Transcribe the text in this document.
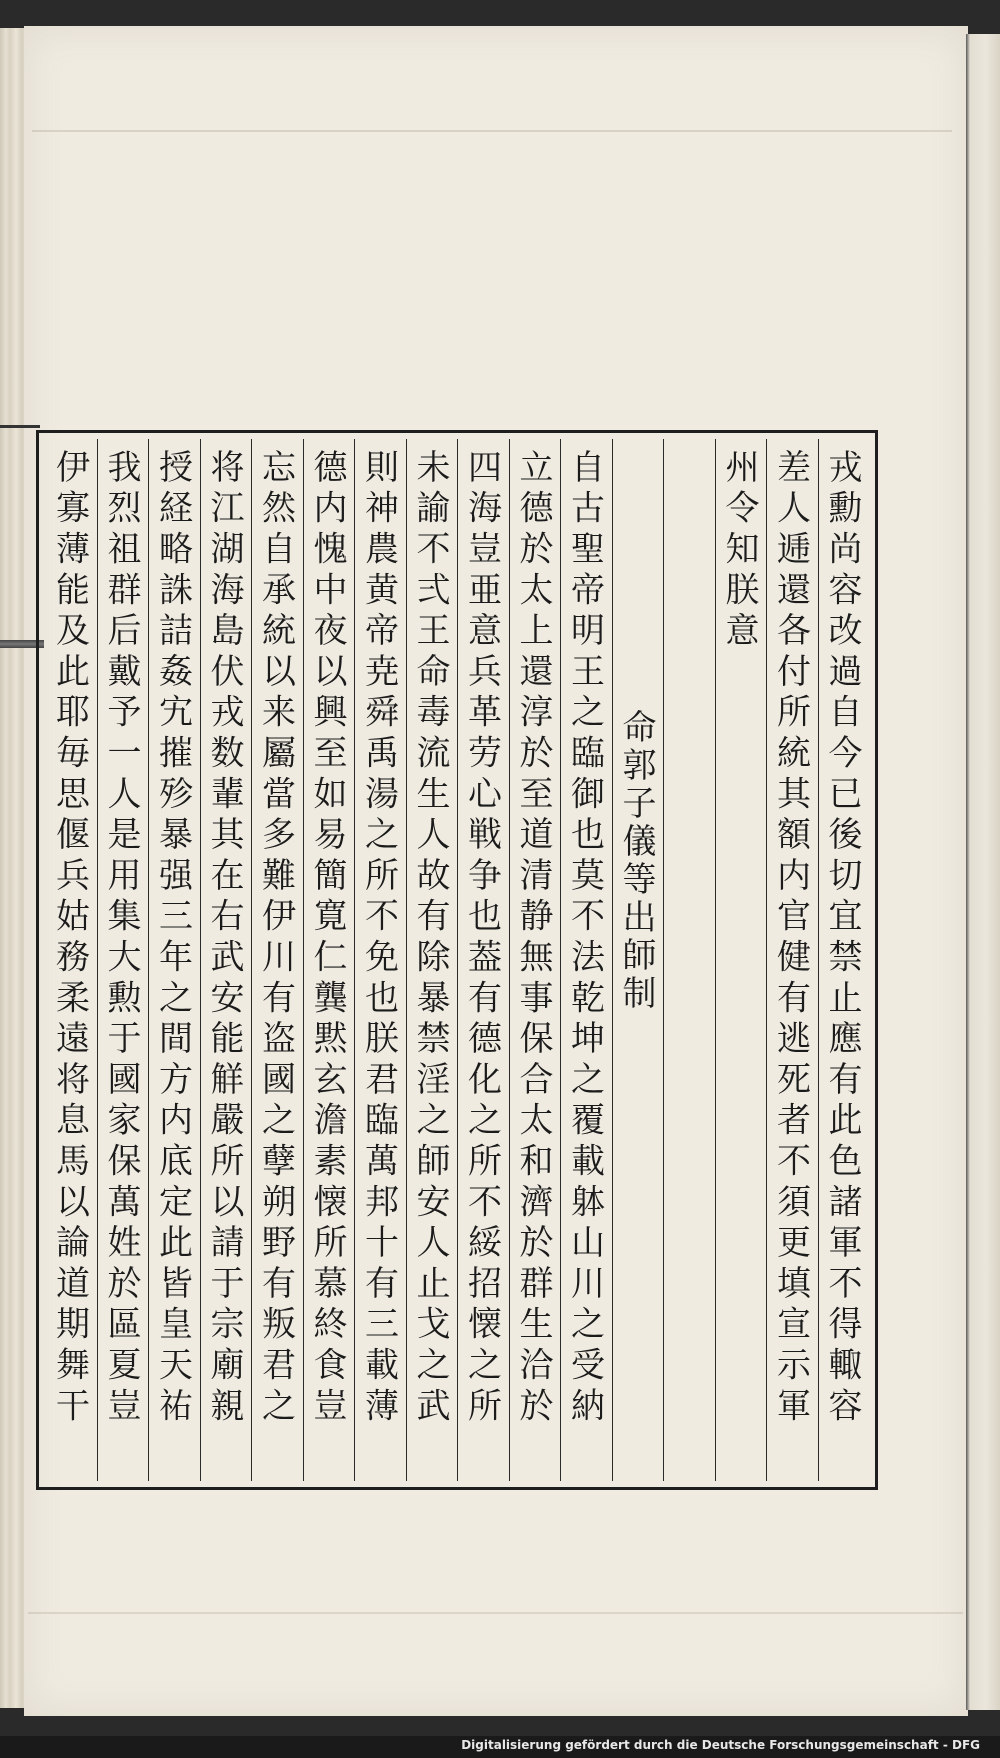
戎勳尚容改過自今已後切宜禁止應有此色諸軍不得輙容
差人逓還各付所統其額内官健有逃死者不須更填宣示軍
州令知朕意
命郭子儀等出師制
自古聖帝明王之臨御也莫不法乾坤之覆載躰山川之受納
立德於太上還淳於至道清静無事保合太和濟於群生洽於
四海豈亜意兵革劳心戦争也葢有德化之所不綏招懐之所
未諭不弍王命毒流生人故有除暴禁淫之師安人止戈之武
則神農黄帝尭舜禹湯之所不免也朕君臨萬邦十有三載薄
德内愧中夜以興至如易簡寛仁龔黙玄澹素懐所慕終食豈
忘然自承統以来屬當多難伊川有盗國之孽朔野有叛君之
将江湖海島伏戎数輩其在右武安能觧嚴所以請于宗廟親
授経略誅詰姦宄摧殄暴强三年之間方内底定此皆皇天祐
我烈祖群后戴予一人是用集大勲于國家保萬姓於區夏豈
伊寡薄能及此耶毎思偃兵姑務柔遠将息馬以論道期舞干
Digitalisierung gefördert durch die Deutsche Forschungsgemeinschaft - DFG
